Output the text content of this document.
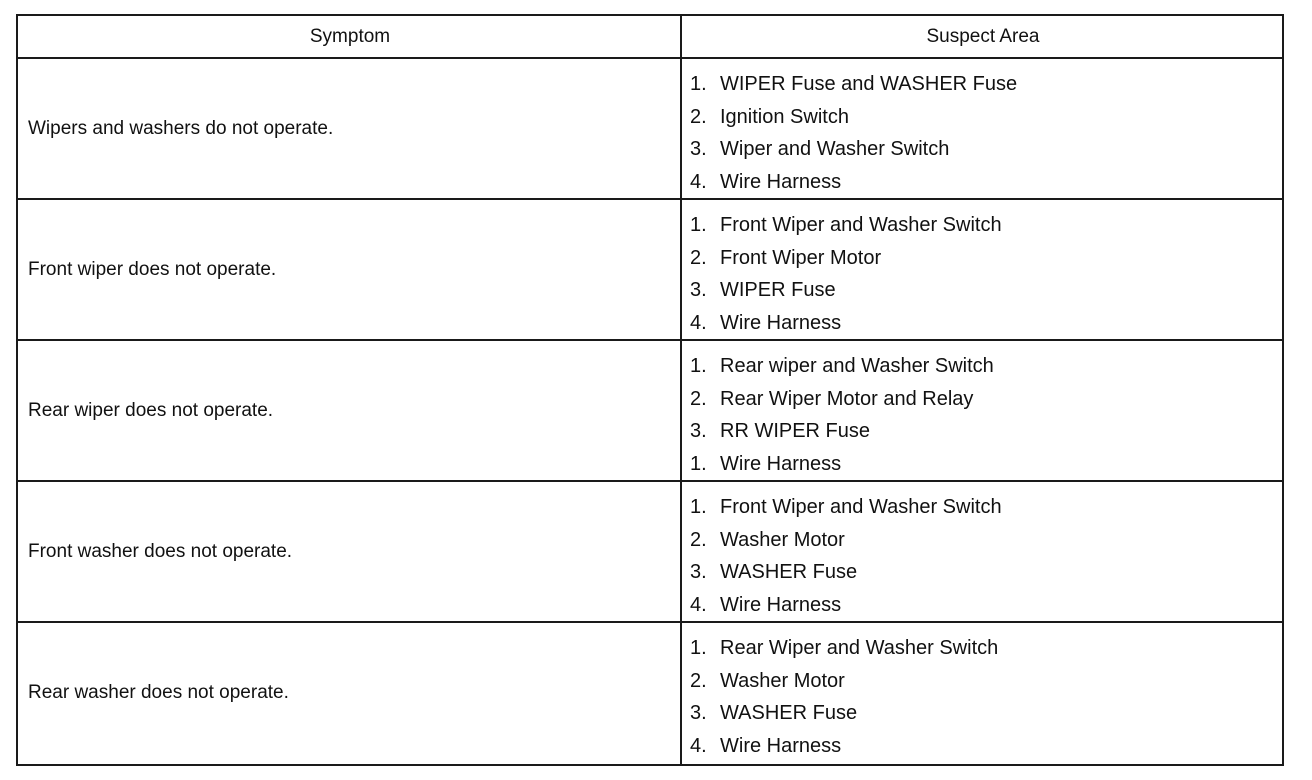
Symptom	Suspect Area
Wipers and washers do not operate.
1. WIPER Fuse and WASHER Fuse
2. Ignition Switch
3. Wiper and Washer Switch
4. Wire Harness
Front wiper does not operate.
1. Front Wiper and Washer Switch
2. Front Wiper Motor
3. WIPER Fuse
4. Wire Harness
Rear wiper does not operate.
1. Rear wiper and Washer Switch
2. Rear Wiper Motor and Relay
3. RR WIPER Fuse
1. Wire Harness
Front washer does not operate.
1. Front Wiper and Washer Switch
2. Washer Motor
3. WASHER Fuse
4. Wire Harness
Rear washer does not operate.
1. Rear Wiper and Washer Switch
2. Washer Motor
3. WASHER Fuse
4. Wire Harness
